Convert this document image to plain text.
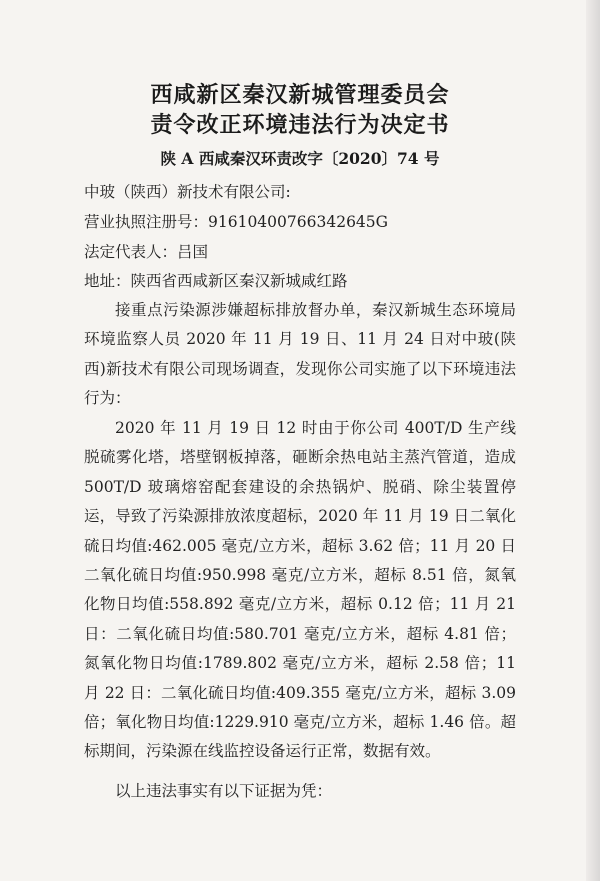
西咸新区秦汉新城管理委员会
责令改正环境违法行为决定书
陕 A 西咸秦汉环责改字〔2020〕74 号
中玻（陕西）新技术有限公司:
营业执照注册号：91610400766342645G
法定代表人：吕国
地址：陕西省西咸新区秦汉新城咸红路

接重点污染源涉嫌超标排放督办单，秦汉新城生态环境局环境监察人员 2020 年 11 月 19 日、11 月 24 日对中玻(陕西)新技术有限公司现场调查，发现你公司实施了以下环境违法行为：

2020 年 11 月 19 日 12 时由于你公司 400T/D 生产线脱硫雾化塔，塔壁钢板掉落，砸断余热电站主蒸汽管道，造成 500T/D 玻璃熔窑配套建设的余热锅炉、脱硝、除尘装置停运，导致了污染源排放浓度超标，2020 年 11 月 19 日二氧化硫日均值:462.005 毫克/立方米，超标 3.62 倍；11 月 20 日二氧化硫日均值:950.998 毫克/立方米，超标 8.51 倍，氮氧化物日均值:558.892 毫克/立方米，超标 0.12 倍；11 月 21 日：二氧化硫日均值:580.701 毫克/立方米，超标 4.81 倍；氮氧化物日均值:1789.802 毫克/立方米，超标 2.58 倍；11 月 22 日：二氧化硫日均值:409.355 毫克/立方米，超标 3.09 倍；氧化物日均值:1229.910 毫克/立方米，超标 1.46 倍。超标期间，污染源在线监控设备运行正常，数据有效。

以上违法事实有以下证据为凭：
